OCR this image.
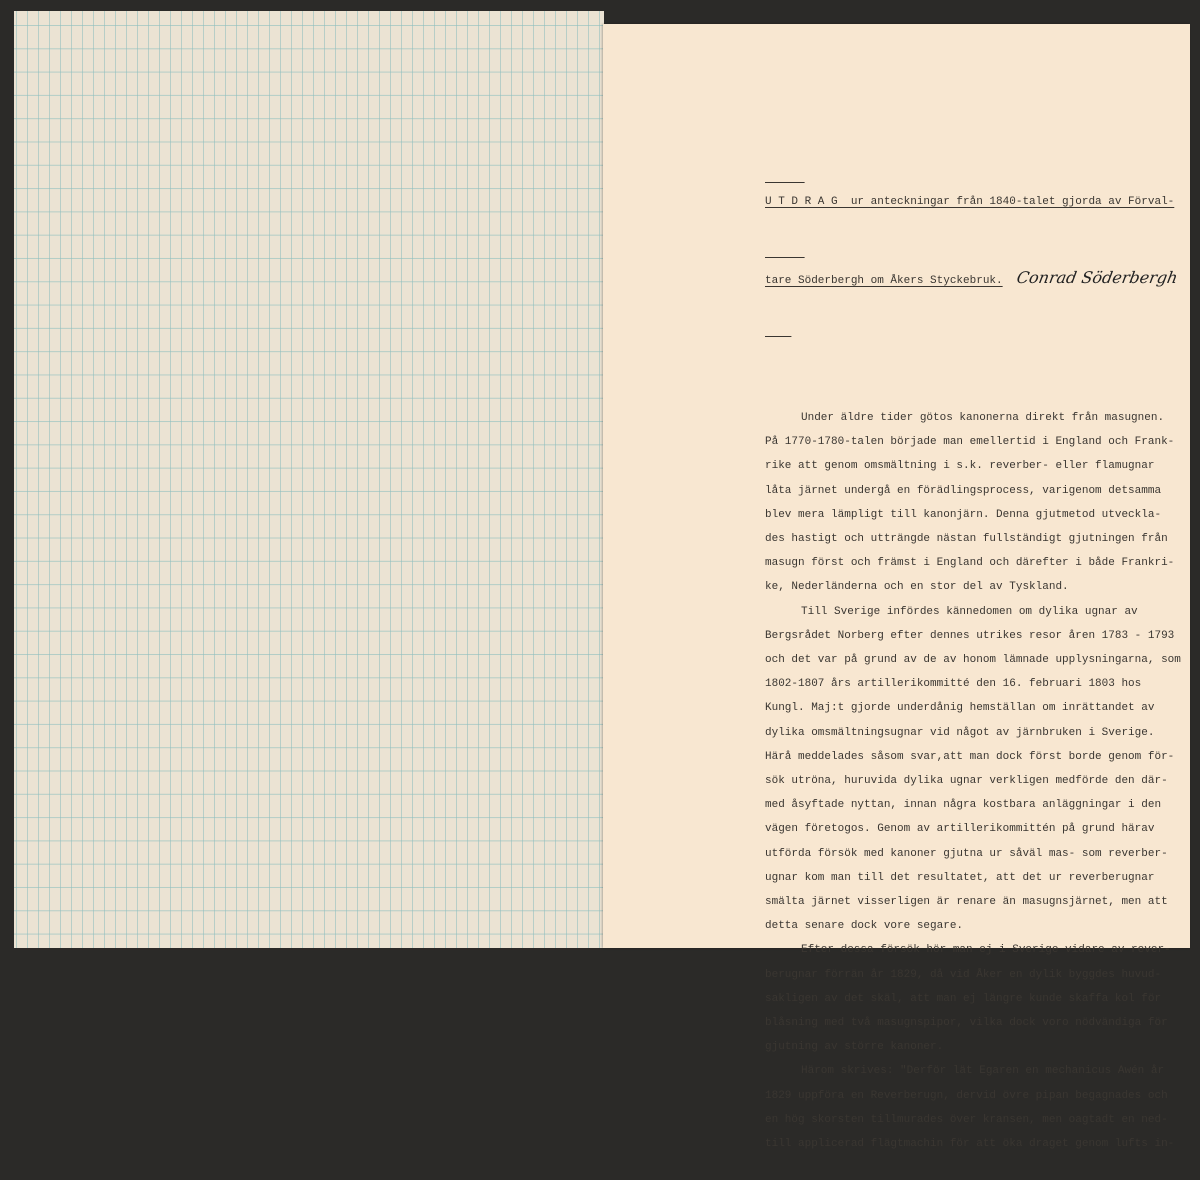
U T D R A G  ur anteckningar från 1840-talet gjorda av Förval-

tare Söderbergh om Åkers Styckebruk. Conrad Söderbergh

Under äldre tider götos kanonerna direkt från masugnen.
På 1770-1780-talen började man emellertid i England och Frank-
rike att genom omsmältning i s.k. reverber- eller flamugnar
låta järnet undergå en förädlingsprocess, varigenom detsamma
blev mera lämpligt till kanonjärn. Denna gjutmetod utveckla-
des hastigt och utträngde nästan fullständigt gjutningen från
masugn först och främst i England och därefter i både Frankri-
ke, Nederländerna och en stor del av Tyskland.
Till Sverige infördes kännedomen om dylika ugnar av
Bergsrådet Norberg efter dennes utrikes resor åren 1783 - 1793
och det var på grund av de av honom lämnade upplysningarna, som
1802-1807 års artillerikommitté den 16. februari 1803 hos
Kungl. Maj:t gjorde underdånig hemställan om inrättandet av
dylika omsmältningsugnar vid något av järnbruken i Sverige.
Härå meddelades såsom svar,att man dock först borde genom för-
sök utröna, huruvida dylika ugnar verkligen medförde den där-
med åsyftade nyttan, innan några kostbara anläggningar i den
vägen företogos. Genom av artillerikommittén på grund härav
utförda försök med kanoner gjutna ur såväl mas- som reverber-
ugnar kom man till det resultatet, att det ur reverberugnar
smälta järnet visserligen är renare än masugnsjärnet, men att
detta senare dock vore segare.
Efter dessa försök hör man ej i Sverige vidare av rever-
berugnar förrän år 1829, då vid Åker en dylik byggdes huvud-
sakligen av det skäl, att man ej längre kunde skaffa kol för
blåsning med två masugnspipor, vilka dock voro nödvändiga för
gjutning av större kanoner.
Härom skrives: "Derför lät Egaren en mechanicus Awén år
1829 uppföra en Reverberugn, dervid övre pipan begagnades och
en hög skorsten tillmurades över kransen, men oagtadt en ned-
till applicerad flägtmachin för att öka draget genom lufts in-
